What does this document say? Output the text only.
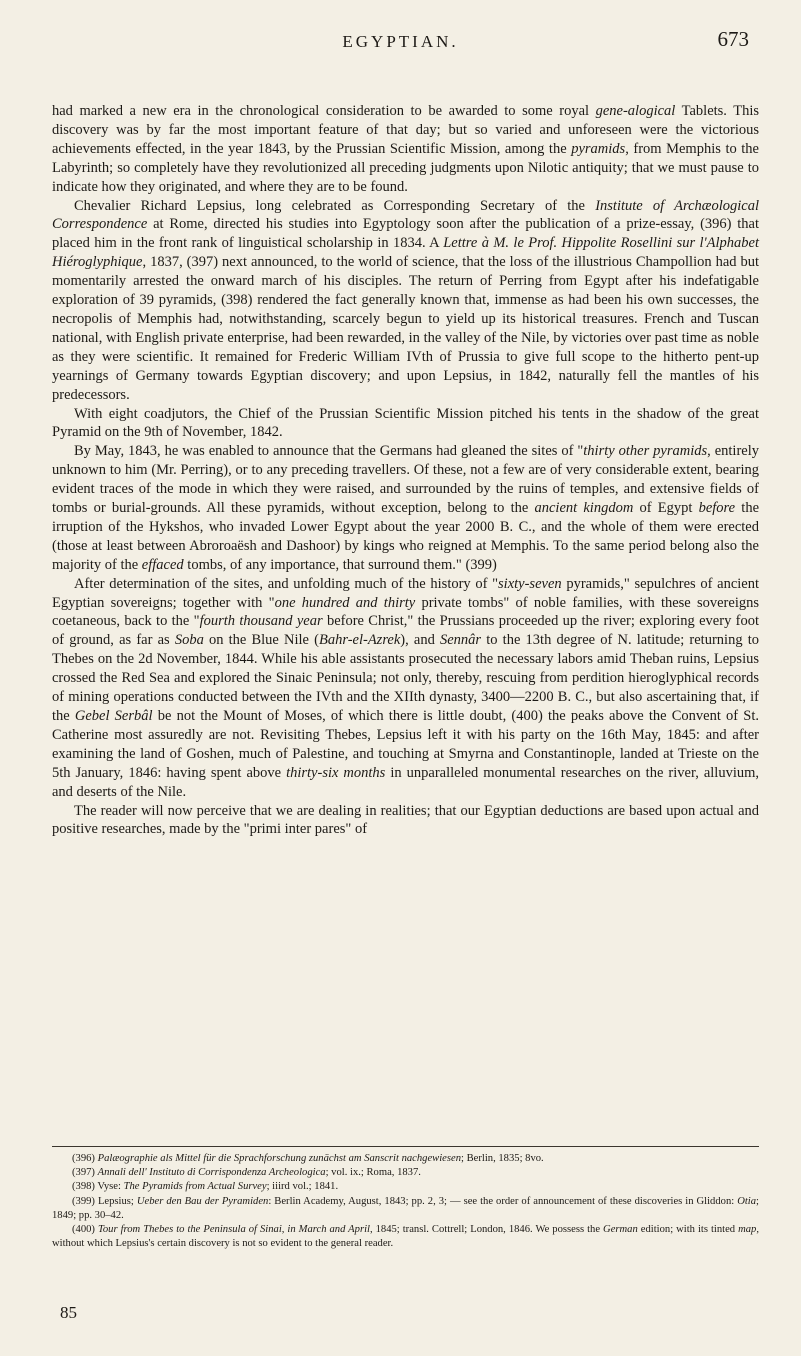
EGYPTIAN.	673

had marked a new era in the chronological consideration to be awarded to some royal gene-alogical Tablets. This discovery was by far the most important feature of that day; but so varied and unforeseen were the victorious achievements effected, in the year 1843, by the Prussian Scientific Mission, among the pyramids, from Memphis to the Labyrinth; so completely have they revolutionized all preceding judgments upon Nilotic antiquity; that we must pause to indicate how they originated, and where they are to be found.

Chevalier Richard Lepsius, long celebrated as Corresponding Secretary of the Institute of Archæological Correspondence at Rome, directed his studies into Egyptology soon after the publication of a prize-essay, (396) that placed him in the front rank of linguistical scholarship in 1834. A Lettre à M. le Prof. Hippolite Rosellini sur l'Alphabet Hiéroglyphique, 1837, (397) next announced, to the world of science, that the loss of the illustrious Champollion had but momentarily arrested the onward march of his disciples. The return of Perring from Egypt after his indefatigable exploration of 39 pyramids, (398) rendered the fact generally known that, immense as had been his own successes, the necropolis of Memphis had, notwithstanding, scarcely begun to yield up its historical treasures. French and Tuscan national, with English private enterprise, had been rewarded, in the valley of the Nile, by victories over past time as noble as they were scientific. It remained for Frederic William IVth of Prussia to give full scope to the hitherto pent-up yearnings of Germany towards Egyptian discovery; and upon Lepsius, in 1842, naturally fell the mantles of his predecessors.

With eight coadjutors, the Chief of the Prussian Scientific Mission pitched his tents in the shadow of the great Pyramid on the 9th of November, 1842.

By May, 1843, he was enabled to announce that the Germans had gleaned the sites of "thirty other pyramids, entirely unknown to him (Mr. Perring), or to any preceding travellers. Of these, not a few are of very considerable extent, bearing evident traces of the mode in which they were raised, and surrounded by the ruins of temples, and extensive fields of tombs or burial-grounds. All these pyramids, without exception, belong to the ancient kingdom of Egypt before the irruption of the Hykshos, who invaded Lower Egypt about the year 2000 B. C., and the whole of them were erected (those at least between Abroroaësh and Dashoor) by kings who reigned at Memphis. To the same period belong also the majority of the effaced tombs, of any importance, that surround them." (399)

After determination of the sites, and unfolding much of the history of "sixty-seven pyramids," sepulchres of ancient Egyptian sovereigns; together with "one hundred and thirty private tombs" of noble families, with these sovereigns coetaneous, back to the "fourth thousand year before Christ," the Prussians proceeded up the river; exploring every foot of ground, as far as Soba on the Blue Nile (Bahr-el-Azrek), and Sennâr to the 13th degree of N. latitude; returning to Thebes on the 2d November, 1844. While his able assistants prosecuted the necessary labors amid Theban ruins, Lepsius crossed the Red Sea and explored the Sinaic Peninsula; not only, thereby, rescuing from perdition hieroglyphical records of mining operations conducted between the IVth and the XIIth dynasty, 3400—2200 B. C., but also ascertaining that, if the Gebel Serbâl be not the Mount of Moses, of which there is little doubt, (400) the peaks above the Convent of St. Catherine most assuredly are not. Revisiting Thebes, Lepsius left it with his party on the 16th May, 1845: and after examining the land of Goshen, much of Palestine, and touching at Smyrna and Constantinople, landed at Trieste on the 5th January, 1846: having spent above thirty-six months in unparalleled monumental researches on the river, alluvium, and deserts of the Nile.

The reader will now perceive that we are dealing in realities; that our Egyptian deductions are based upon actual and positive researches, made by the "primi inter pares" of

(396) Palæographie als Mittel für die Sprachforschung zunächst am Sanscrit nachgewiesen; Berlin, 1835; 8vo.

(397) Annali dell' Instituto di Corrispondenza Archeologica; vol. ix.; Roma, 1837.

(398) Vyse: The Pyramids from Actual Survey; iiird vol.; 1841.

(399) Lepsius; Ueber den Bau der Pyramiden: Berlin Academy, August, 1843; pp. 2, 3; — see the order of announcement of these discoveries in Gliddon: Otia; 1849; pp. 30–42.

(400) Tour from Thebes to the Peninsula of Sinai, in March and April, 1845; transl. Cottrell; London, 1846. We possess the German edition; with its tinted map, without which Lepsius's certain discovery is not so evident to the general reader.

85
